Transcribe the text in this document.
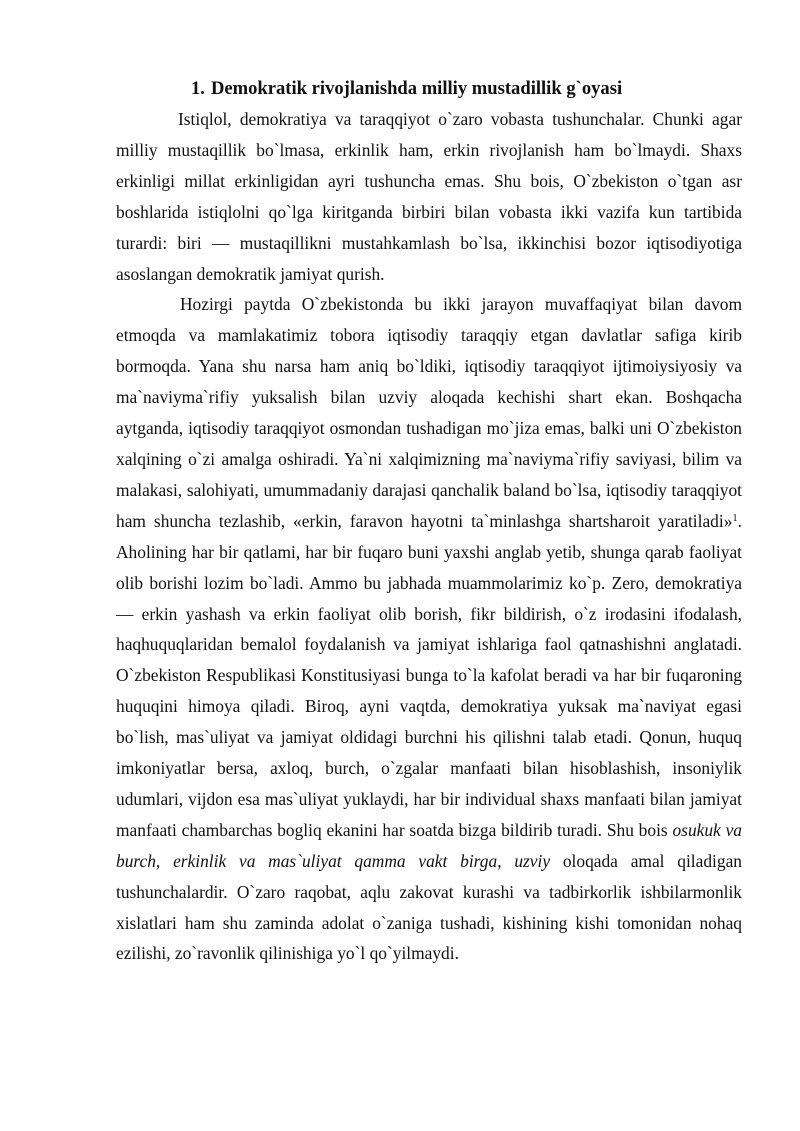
1. Demokratik rivojlanishda milliy mustadillik g`oyasi

Istiqlol, demokratiya va taraqqiyot o`zaro vobasta tushunchalar. Chunki agar milliy mustaqillik bo`lmasa, erkinlik ham, erkin rivojlanish ham bo`lmaydi. Shaxs erkinligi millat erkinligidan ayri tushuncha emas. Shu bois, O`zbekiston o`tgan asr boshlarida istiqlolni qo`lga kiritganda birbiri bilan vobasta ikki vazifa kun tartibida turardi: biri — mustaqillikni mustahkamlash bo`lsa, ikkinchisi bozor iqtisodiyotiga asoslangan demokratik jamiyat qurish.

Hozirgi paytda O`zbekistonda bu ikki jarayon muvaffaqiyat bilan davom etmoqda va mamlakatimiz tobora iqtisodiy taraqqiy etgan davlatlar safiga kirib bormoqda. Yana shu narsa ham aniq bo`ldiki, iqtisodiy taraqqiyot ijtimoiysiyosiy va ma`naviyma`rifiy yuksalish bilan uzviy aloqada kechishi shart ekan. Boshqacha aytganda, iqtisodiy taraqqiyot osmondan tushadigan mo`jiza emas, balki uni O`zbekiston xalqining o`zi amalga oshiradi. Ya`ni xalqimizning ma`naviyma`rifiy saviyasi, bilim va malakasi, salohiyati, umummadaniy darajasi qanchalik baland bo`lsa, iqtisodiy taraqqiyot ham shuncha tezlashib, «erkin, faravon hayotni ta`minlashga shartsharoit yaratiladi»$^1$. Aholining har bir qatlami, har bir fuqaro buni yaxshi anglab yetib, shunga qarab faoliyat olib borishi lozim bo`ladi. Ammo bu jabhada muammolarimiz ko`p. Zero, demokratiya — erkin yashash va erkin faoliyat olib borish, fikr bildirish, o`z irodasini ifodalash, haqhuquqlaridan bemalol foydalanish va jamiyat ishlariga faol qatnashishni anglatadi. O`zbekiston Respublikasi Konstitusiyasi bunga to`la kafolat beradi va har bir fuqaroning huquqini himoya qiladi. Biroq, ayni vaqtda, demokratiya yuksak ma`naviyat egasi bo`lish, mas`uliyat va jamiyat oldidagi burchni his qilishni talab etadi. Qonun, huquq imkoniyatlar bersa, axloq, burch, o`zgalar manfaati bilan hisoblashish, insoniylik udumlari, vijdon esa mas`uliyat yuklaydi, har bir individual shaxs manfaati bilan jamiyat manfaati chambarchas bogliq ekanini har soatda bizga bildirib turadi. Shu bois osukuk va burch, erkinlik va mas`uliyat qamma vakt birga, uzviy oloqada amal qiladigan tushunchalardir. O`zaro raqobat, aqlu zakovat kurashi va tadbirkorlik ishbilarmonlik xislatlari ham shu zaminda adolat o`zaniga tushadi, kishining kishi tomonidan nohaq ezilishi, zo`ravonlik qilinishiga yo`l qo`yilmaydi.
